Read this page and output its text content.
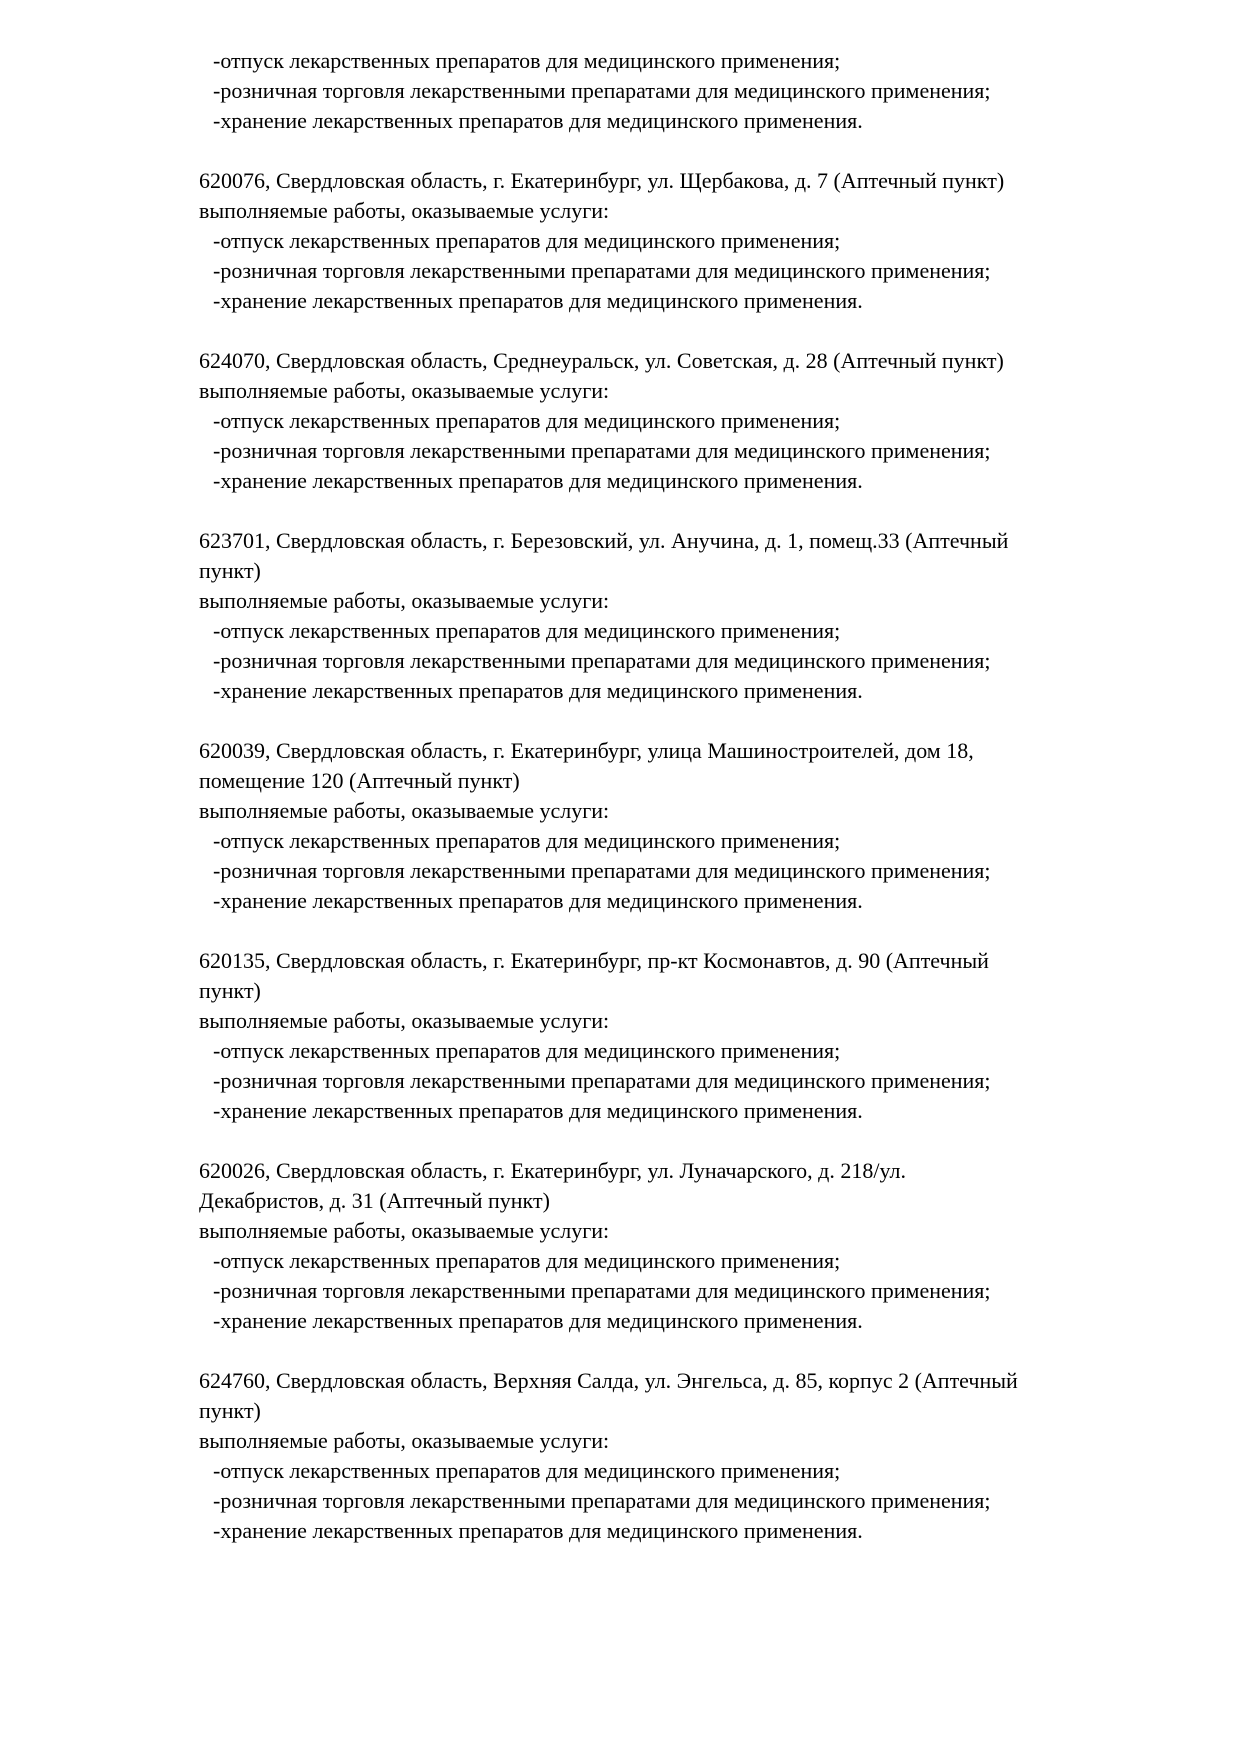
-отпуск лекарственных препаратов для медицинского применения;
-розничная торговля лекарственными препаратами для медицинского применения;
-хранение лекарственных препаратов для медицинского применения.
620076, Свердловская область, г. Екатеринбург, ул. Щербакова, д. 7 (Аптечный пункт)
выполняемые работы, оказываемые услуги:
-отпуск лекарственных препаратов для медицинского применения;
-розничная торговля лекарственными препаратами для медицинского применения;
-хранение лекарственных препаратов для медицинского применения.
624070, Свердловская область, Среднеуральск, ул. Советская, д. 28 (Аптечный пункт)
выполняемые работы, оказываемые услуги:
-отпуск лекарственных препаратов для медицинского применения;
-розничная торговля лекарственными препаратами для медицинского применения;
-хранение лекарственных препаратов для медицинского применения.
623701, Свердловская область, г. Березовский, ул. Анучина, д. 1, помещ.33 (Аптечный
пункт)
выполняемые работы, оказываемые услуги:
-отпуск лекарственных препаратов для медицинского применения;
-розничная торговля лекарственными препаратами для медицинского применения;
-хранение лекарственных препаратов для медицинского применения.
620039, Свердловская область, г. Екатеринбург, улица Машиностроителей, дом 18,
помещение 120 (Аптечный пункт)
выполняемые работы, оказываемые услуги:
-отпуск лекарственных препаратов для медицинского применения;
-розничная торговля лекарственными препаратами для медицинского применения;
-хранение лекарственных препаратов для медицинского применения.
620135, Свердловская область, г. Екатеринбург, пр-кт Космонавтов, д. 90 (Аптечный
пункт)
выполняемые работы, оказываемые услуги:
-отпуск лекарственных препаратов для медицинского применения;
-розничная торговля лекарственными препаратами для медицинского применения;
-хранение лекарственных препаратов для медицинского применения.
620026, Свердловская область, г. Екатеринбург, ул. Луначарского, д. 218/ул.
Декабристов, д. 31 (Аптечный пункт)
выполняемые работы, оказываемые услуги:
-отпуск лекарственных препаратов для медицинского применения;
-розничная торговля лекарственными препаратами для медицинского применения;
-хранение лекарственных препаратов для медицинского применения.
624760, Свердловская область, Верхняя Салда, ул. Энгельса, д. 85, корпус 2 (Аптечный
пункт)
выполняемые работы, оказываемые услуги:
-отпуск лекарственных препаратов для медицинского применения;
-розничная торговля лекарственными препаратами для медицинского применения;
-хранение лекарственных препаратов для медицинского применения.
